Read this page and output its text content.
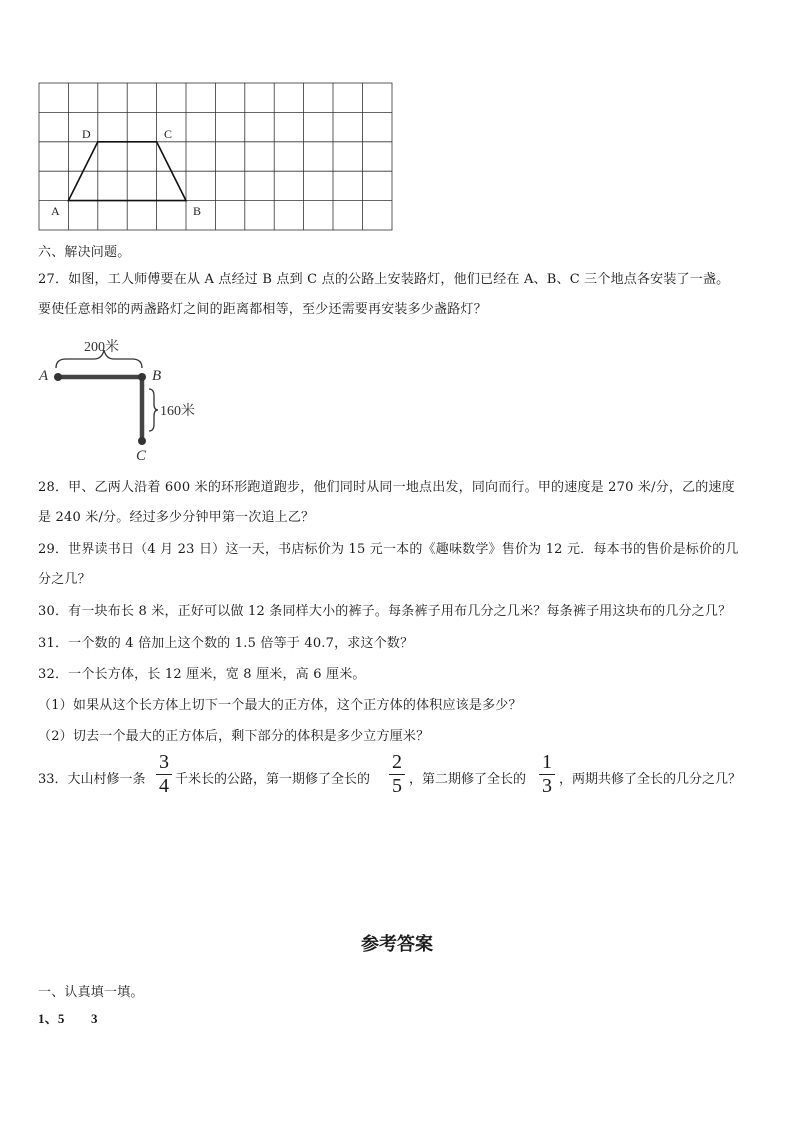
A	B
C
D
六、解决问题。
27．如图，工人师傅要在从 A 点经过 B 点到 C 点的公路上安装路灯，他们已经在 A、B、C 三个地点各安装了一盏。
要使任意相邻的两盏路灯之间的距离都相等，至少还需要再安装多少盏路灯？
200米
A	B
C
160米
28．甲、乙两人沿着 600 米的环形跑道跑步，他们同时从同一地点出发，同向而行。甲的速度是 270 米/分，乙的速度
是 240 米/分。经过多少分钟甲第一次追上乙？
29．世界读书日（4 月 23 日）这一天，书店标价为 15 元一本的《趣味数学》售价为 12 元．每本书的售价是标价的几
分之几？
30．有一块布长 8 米，正好可以做 12 条同样大小的裤子。每条裤子用布几分之几米？每条裤子用这块布的几分之几？
31．一个数的 4 倍加上这个数的 1.5 倍等于 40.7，求这个数？
32．一个长方体，长 12 厘米，宽 8 厘米，高 6 厘米。
（1）如果从这个长方体上切下一个最大的正方体，这个正方体的体积应该是多少？
（2）切去一个最大的正方体后，剩下部分的体积是多少立方厘米？
33．大山村修一条
3
4 千米长的公路，第一期修了全长的
2
5 ，第二期修了全长的
1
3 ，两期共修了全长的几分之几？
参考答案
一、认真填一填。
1、5　　3
